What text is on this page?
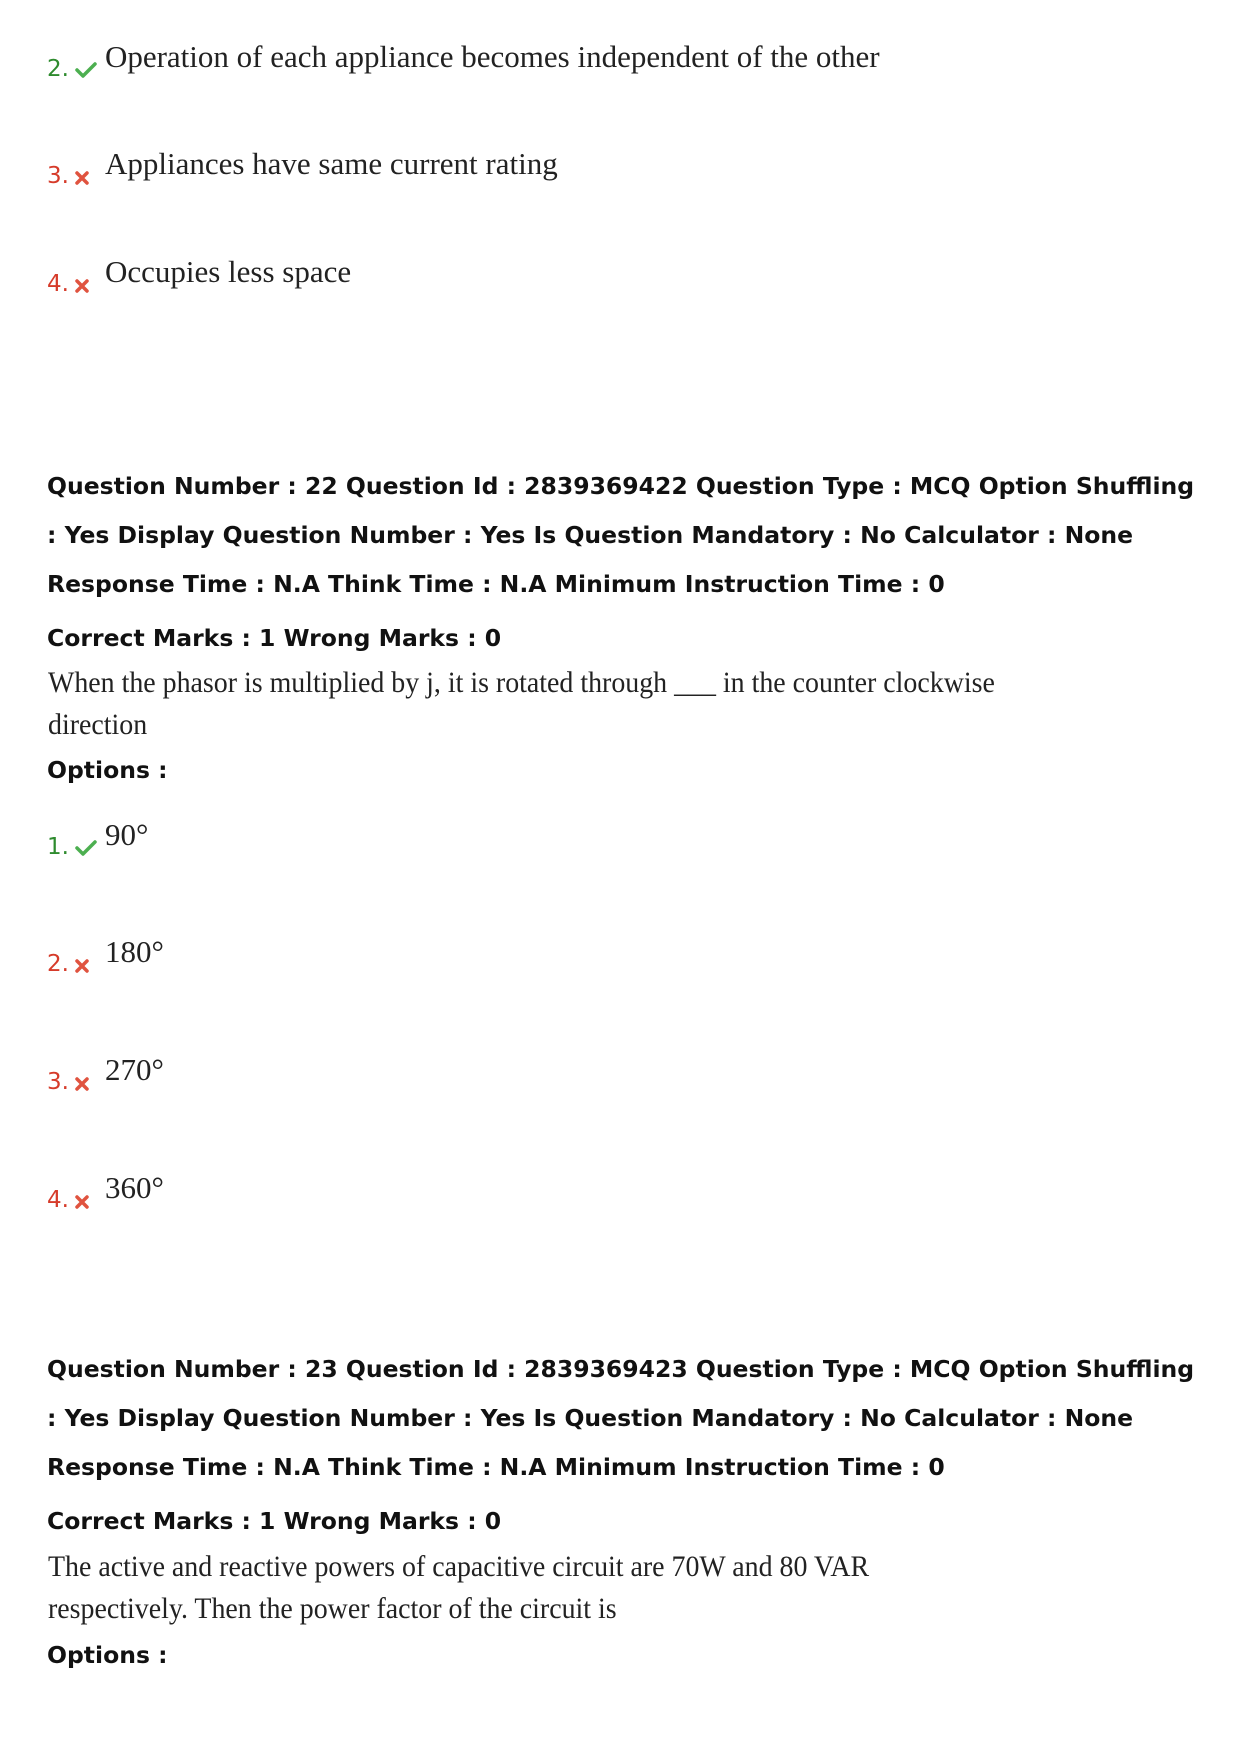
2. Operation of each appliance becomes independent of the other
3. Appliances have same current rating
4. Occupies less space
Question Number : 22 Question Id : 2839369422 Question Type : MCQ Option Shuffling : Yes Display Question Number : Yes Is Question Mandatory : No Calculator : None Response Time : N.A Think Time : N.A Minimum Instruction Time : 0
Correct Marks : 1 Wrong Marks : 0
When the phasor is multiplied by j, it is rotated through ___ in the counter clockwise
direction
Options :
1. 90°
2. 180°
3. 270°
4. 360°
Question Number : 23 Question Id : 2839369423 Question Type : MCQ Option Shuffling : Yes Display Question Number : Yes Is Question Mandatory : No Calculator : None Response Time : N.A Think Time : N.A Minimum Instruction Time : 0
Correct Marks : 1 Wrong Marks : 0
The active and reactive powers of capacitive circuit are 70W and 80 VAR
respectively. Then the power factor of the circuit is
Options :
